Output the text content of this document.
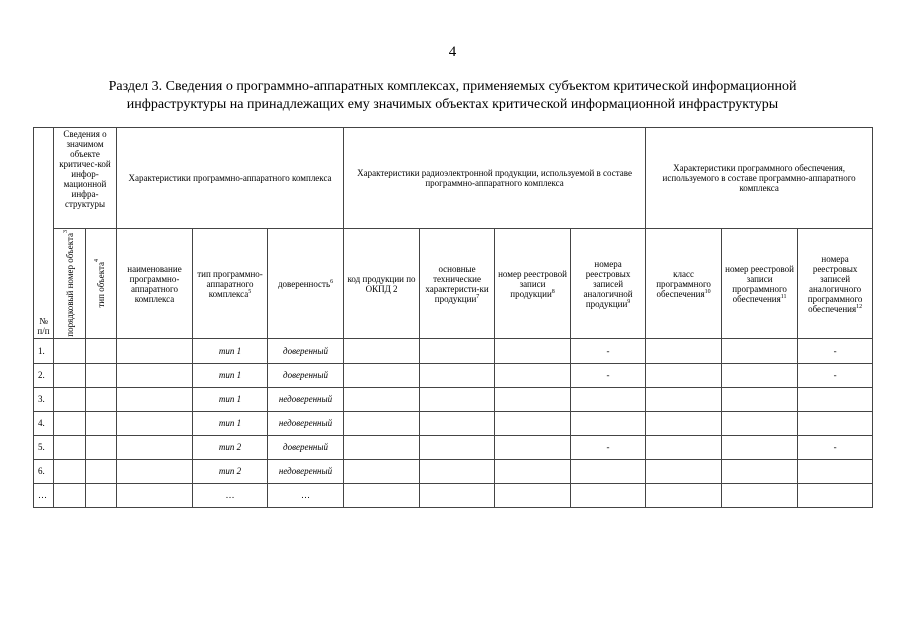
4
Раздел 3. Сведения о программно-аппаратных комплексах, применяемых субъектом критической информационной
инфраструктуры на принадлежащих ему значимых объектах критической информационной инфраструктуры
№ п/п	Сведения о значимом объекте критичес-кой инфор-мационной инфра-структуры		Характеристики программно-аппаратного комплекса			Характеристики радиоэлектронной продукции, используемой в составе программно-аппаратного комплекса				Характеристики программного обеспечения, используемого в составе программно-аппаратного комплекса		
	порядковый номер объекта$^3$	тип объекта$^4$	наименование программно-аппаратного комплекса	тип программно-аппаратного комплекса$^5$	доверенность$^6$	код продукции по ОКПД 2	основные технические характеристи-ки продукции$^7$	номер реестровой записи продукции$^8$	номера реестровых записей аналогичной продукции$^9$	класс программного обеспечения$^{10}$	номер реестровой записи программного обеспечения$^{11}$	номера реестровых записей аналогичного программного обеспечения$^{12}$
1.				тип 1	доверенный				-			-
2.				тип 1	доверенный				-			-
3.				тип 1	недоверенный							
4.				тип 1	недоверенный							
5.				тип 2	доверенный				-			-
6.				тип 2	недоверенный							
…				…	…							
